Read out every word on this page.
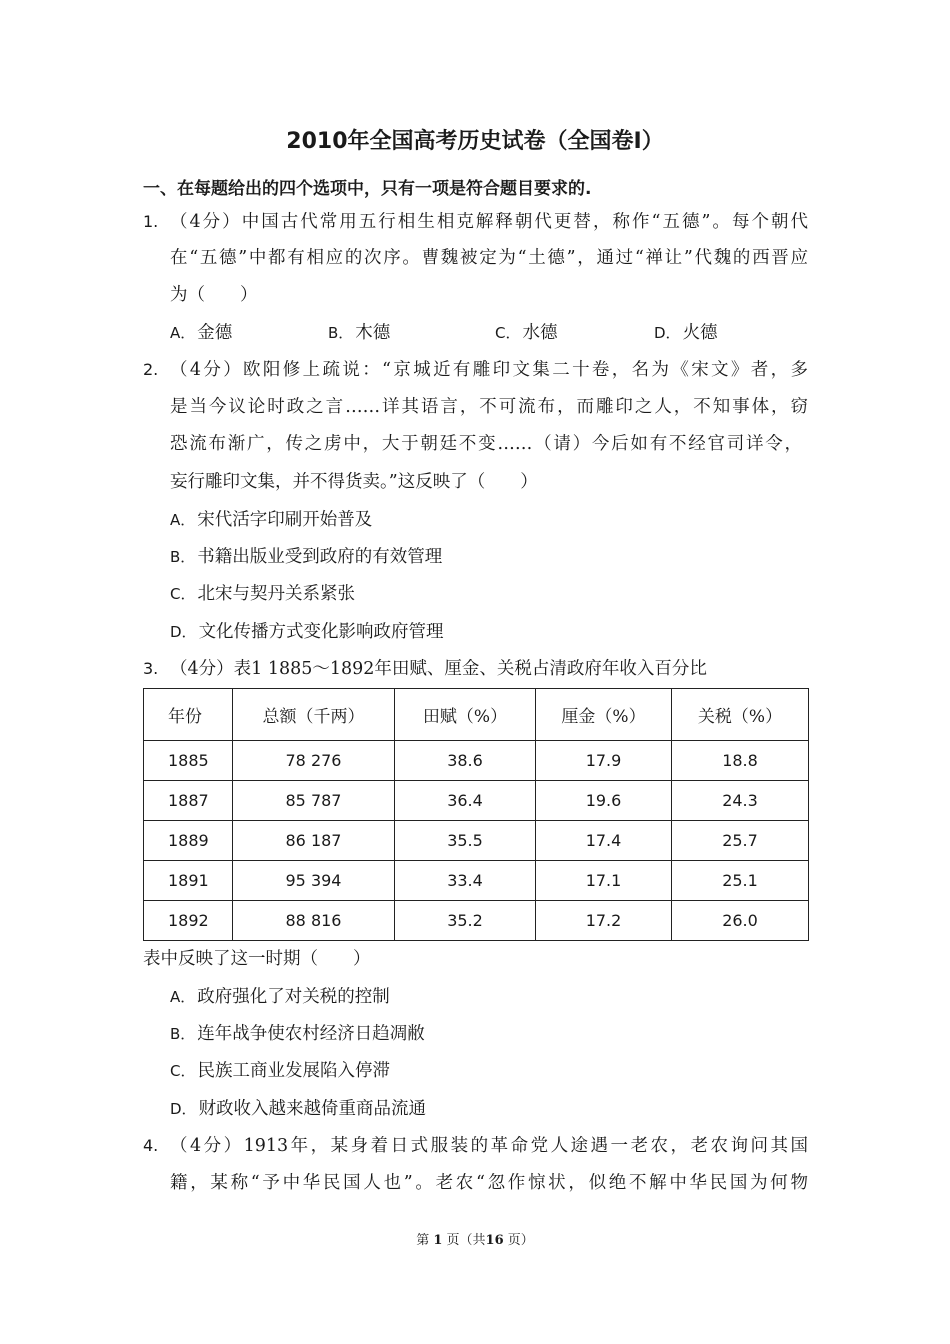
2010年全国高考历史试卷（全国卷Ⅰ）
一、在每题给出的四个选项中，只有一项是符合题目要求的.
1. （4分）中国古代常用五行相生相克解释朝代更替，称作“五德”。每个朝代
在“五德”中都有相应的次序。曹魏被定为“土德”，通过“禅让”代魏的西晋应
为（　　）
A． 金德	B． 木德	C． 水德	D． 火德
2. （4分）欧阳修上疏说：“京城近有雕印文集二十卷，名为《宋文》者，多
是当今议论时政之言……详其语言，不可流布，而雕印之人，不知事体，窃
恐流布渐广，传之虏中，大于朝廷不变……（请）今后如有不经官司详令，
妄行雕印文集，并不得货卖。”这反映了（　　）
A． 宋代活字印刷开始普及
B． 书籍出版业受到政府的有效管理
C． 北宋与契丹关系紧张
D． 文化传播方式变化影响政府管理
3. （4分）表1 1885～1892年田赋、厘金、关税占清政府年收入百分比
年份	总额（千两）	田赋（%）	厘金（%）	关税（%）
1885	78 276	38.6	17.9	18.8
1887	85 787	36.4	19.6	24.3
1889	86 187	35.5	17.4	25.7
1891	95 394	33.4	17.1	25.1
1892	88 816	35.2	17.2	26.0
表中反映了这一时期（　　）
A． 政府强化了对关税的控制
B． 连年战争使农村经济日趋凋敝
C． 民族工商业发展陷入停滞
D． 财政收入越来越倚重商品流通
4. （4分）1913年，某身着日式服装的革命党人途遇一老农，老农询问其国
籍，某称“予中华民国人也”。老农“忽作惊状，似绝不解中华民国为何物
第 1 页（共16 页）
